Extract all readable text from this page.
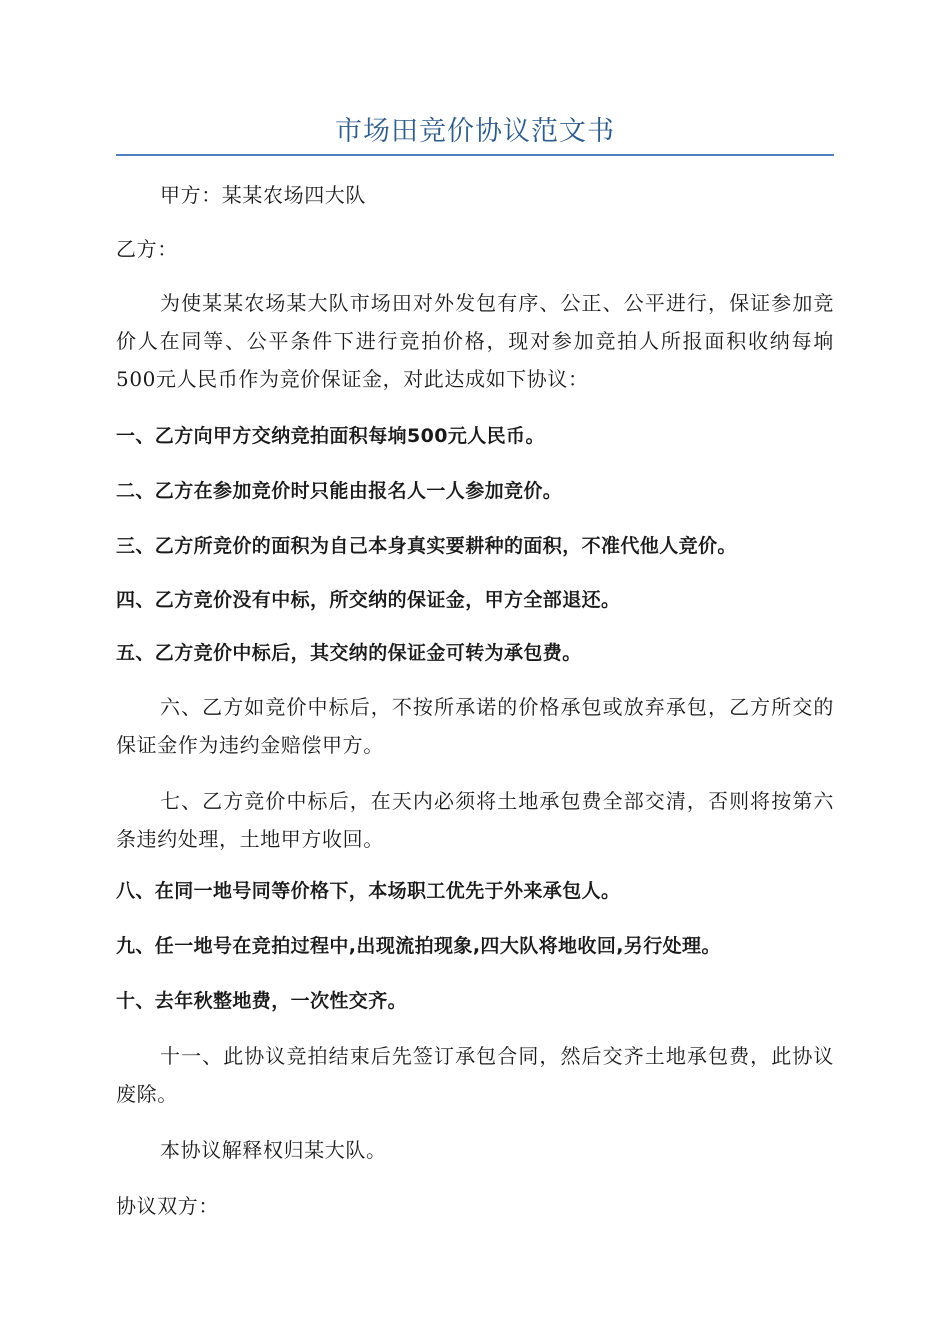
市场田竞价协议范文书

甲方：某某农场四大队

乙方：

为使某某农场某大队市场田对外发包有序、公正、公平进行，保证参加竞价人在同等、公平条件下进行竞拍价格，现对参加竞拍人所报面积收纳每垧500元人民币作为竞价保证金，对此达成如下协议：

一、乙方向甲方交纳竞拍面积每垧500元人民币。

二、乙方在参加竞价时只能由报名人一人参加竞价。

三、乙方所竞价的面积为自己本身真实要耕种的面积，不准代他人竞价。

四、乙方竞价没有中标，所交纳的保证金，甲方全部退还。

五、乙方竞价中标后，其交纳的保证金可转为承包费。

六、乙方如竞价中标后，不按所承诺的价格承包或放弃承包，乙方所交的保证金作为违约金赔偿甲方。

七、乙方竞价中标后，在天内必须将土地承包费全部交清，否则将按第六条违约处理，土地甲方收回。

八、在同一地号同等价格下，本场职工优先于外来承包人。

九、任一地号在竞拍过程中,出现流拍现象,四大队将地收回,另行处理。

十、去年秋整地费，一次性交齐。

十一、此协议竞拍结束后先签订承包合同，然后交齐土地承包费，此协议废除。

本协议解释权归某大队。

协议双方：
